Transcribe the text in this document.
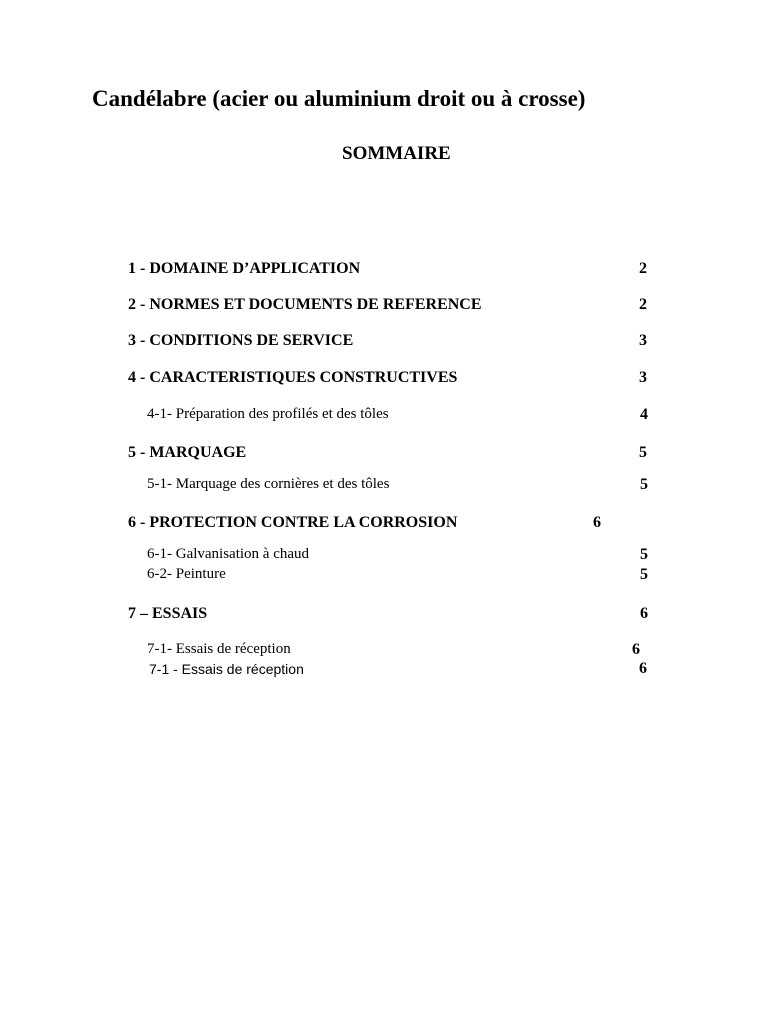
Candélabre (acier ou aluminium droit ou à crosse)
SOMMAIRE
1 - DOMAINE D’APPLICATION	2
2 - NORMES ET DOCUMENTS DE REFERENCE	2
3 - CONDITIONS DE SERVICE	3
4 - CARACTERISTIQUES CONSTRUCTIVES	3
4-1- Préparation des profilés et des tôles	4
5 - MARQUAGE	5
5-1- Marquage des cornières et des tôles	5
6 - PROTECTION CONTRE LA CORROSION	6
6-1- Galvanisation à chaud	5
6-2- Peinture	5
7 – ESSAIS	6
7-1- Essais de réception	6
7-1 - Essais de réception	6
